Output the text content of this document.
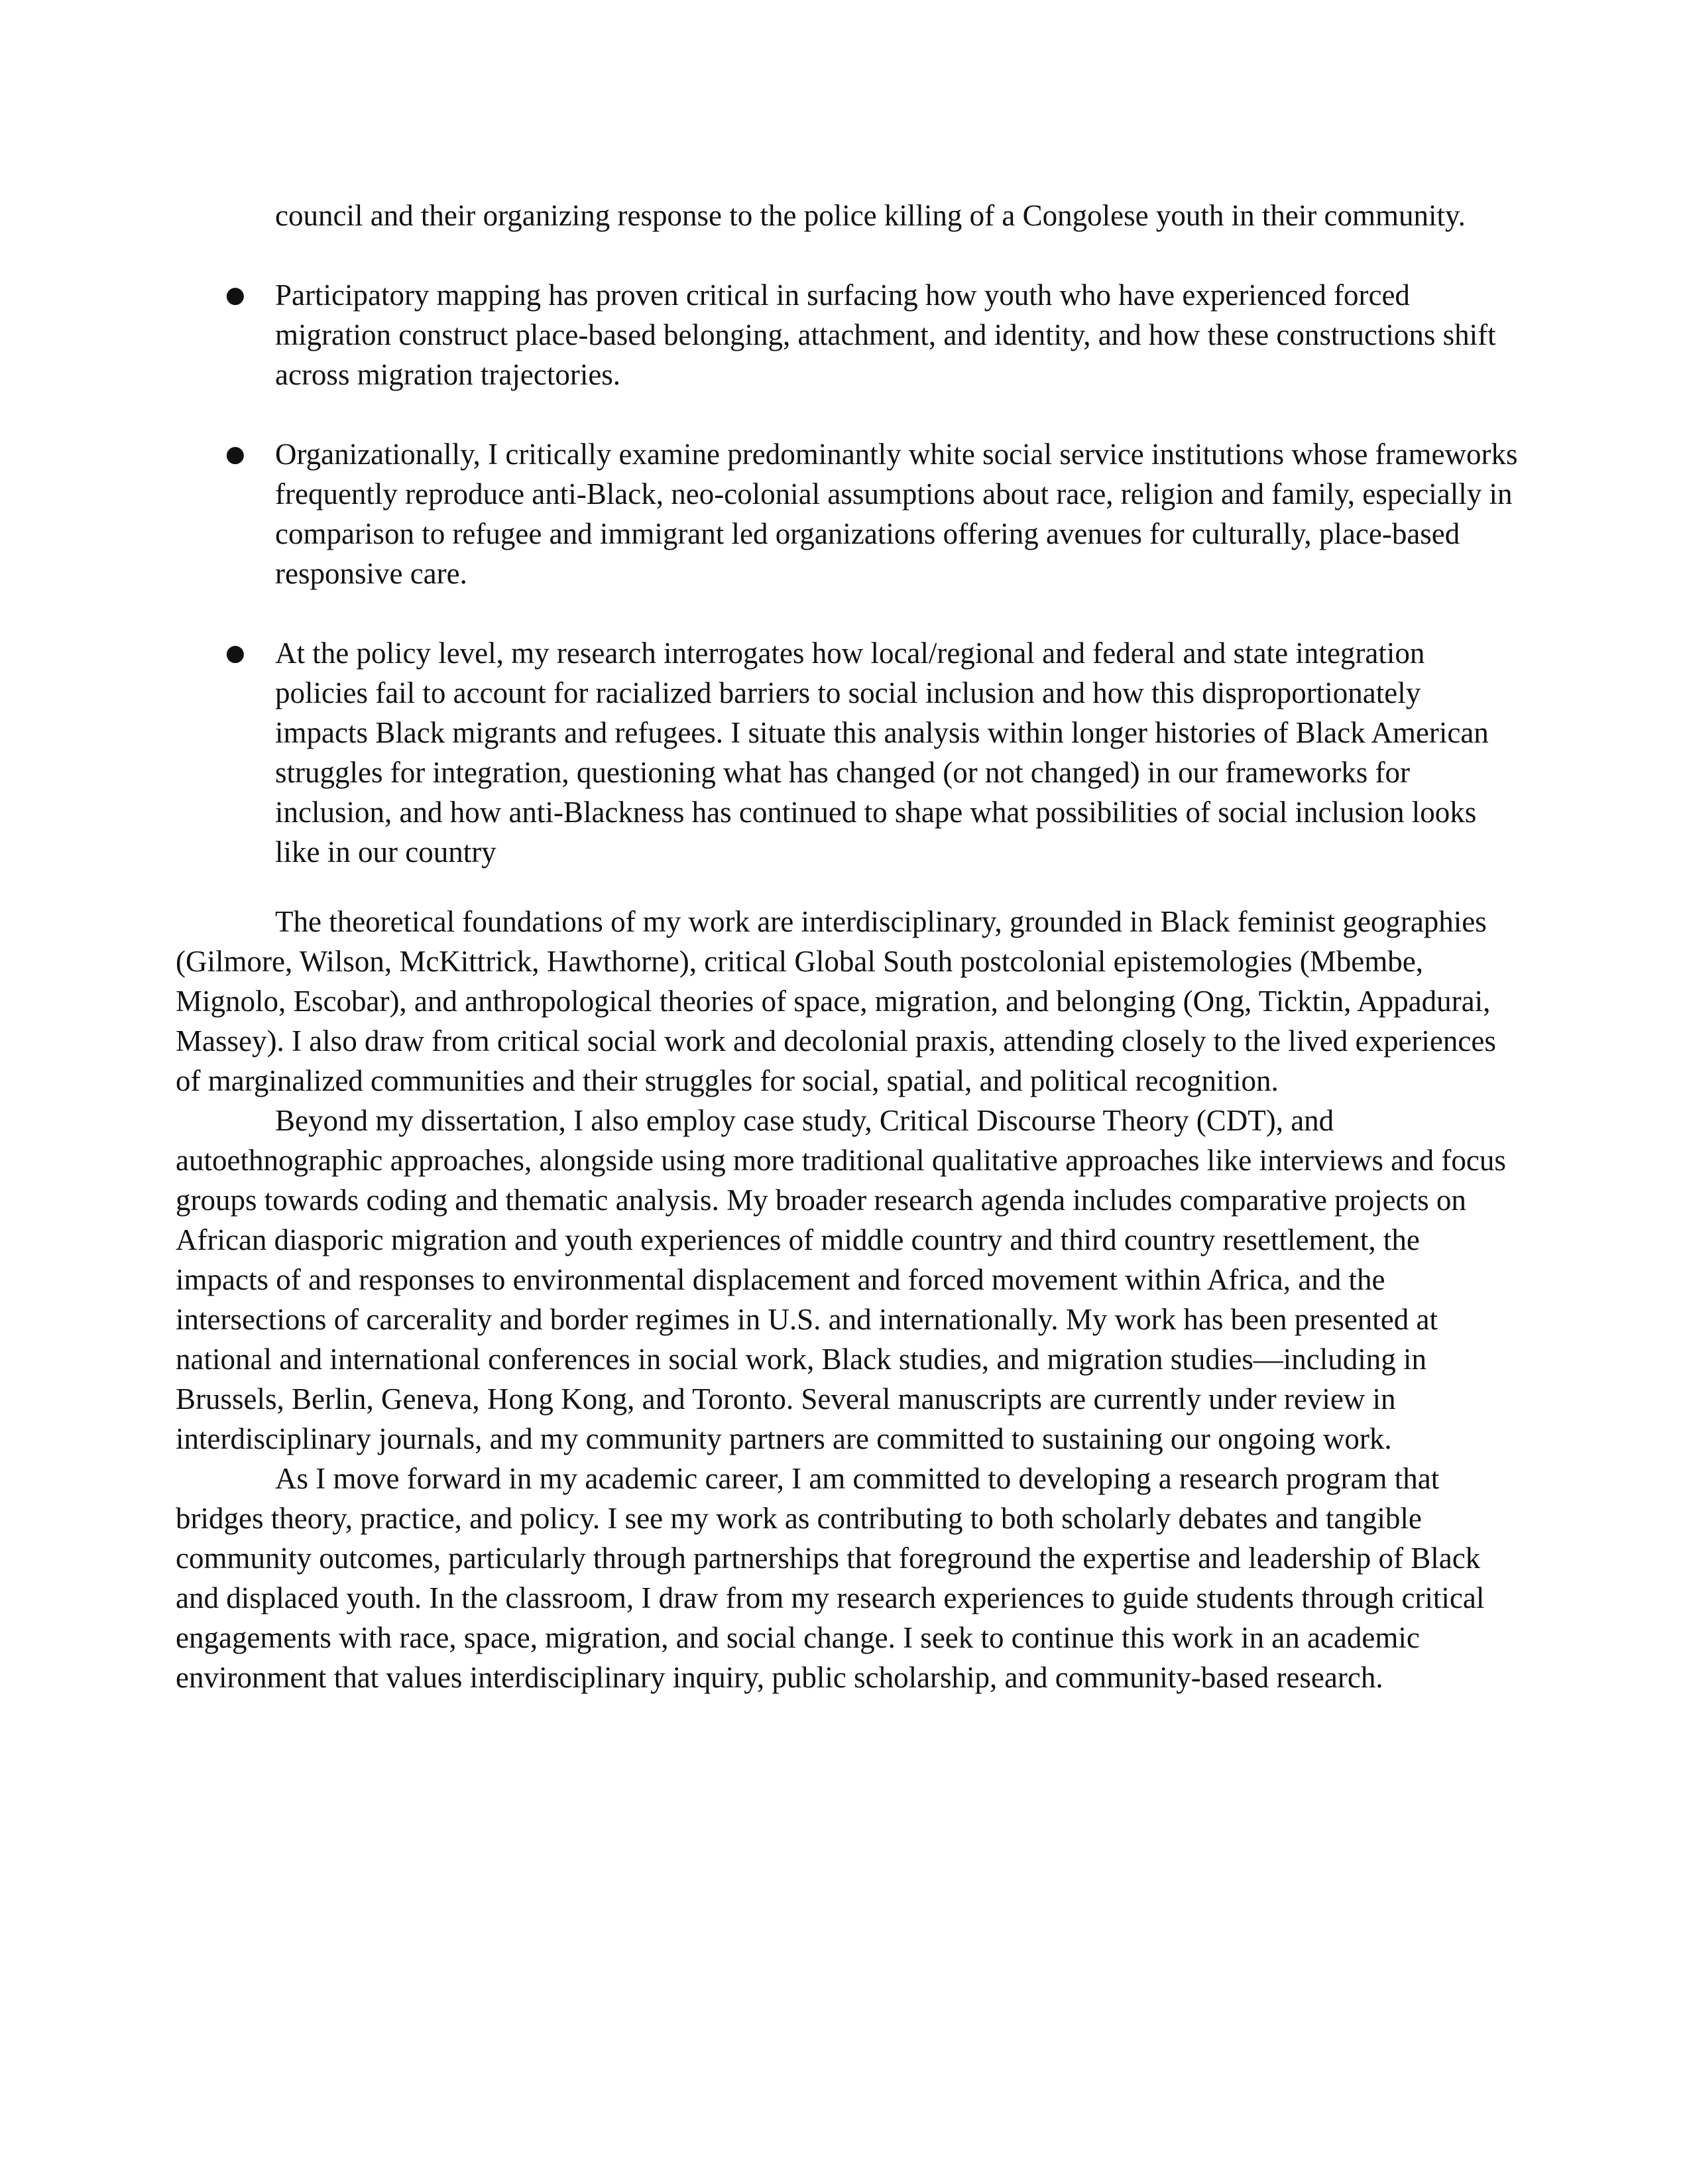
council and their organizing response to the police killing of a Congolese youth in their community.

● Participatory mapping has proven critical in surfacing how youth who have experienced forced migration construct place-based belonging, attachment, and identity, and how these constructions shift across migration trajectories.
● Organizationally, I critically examine predominantly white social service institutions whose frameworks frequently reproduce anti-Black, neo-colonial assumptions about race, religion and family, especially in comparison to refugee and immigrant led organizations offering avenues for culturally, place-based responsive care.
● At the policy level, my research interrogates how local/regional and federal and state integration policies fail to account for racialized barriers to social inclusion and how this disproportionately impacts Black migrants and refugees. I situate this analysis within longer histories of Black American struggles for integration, questioning what has changed (or not changed) in our frameworks for inclusion, and how anti-Blackness has continued to shape what possibilities of social inclusion looks like in our country

The theoretical foundations of my work are interdisciplinary, grounded in Black feminist geographies (Gilmore, Wilson, McKittrick, Hawthorne), critical Global South postcolonial epistemologies (Mbembe, Mignolo, Escobar), and anthropological theories of space, migration, and belonging (Ong, Ticktin, Appadurai, Massey). I also draw from critical social work and decolonial praxis, attending closely to the lived experiences of marginalized communities and their struggles for social, spatial, and political recognition.

Beyond my dissertation, I also employ case study, Critical Discourse Theory (CDT), and autoethnographic approaches, alongside using more traditional qualitative approaches like interviews and focus groups towards coding and thematic analysis. My broader research agenda includes comparative projects on African diasporic migration and youth experiences of middle country and third country resettlement, the impacts of and responses to environmental displacement and forced movement within Africa, and the intersections of carcerality and border regimes in U.S. and internationally. My work has been presented at national and international conferences in social work, Black studies, and migration studies—including in Brussels, Berlin, Geneva, Hong Kong, and Toronto. Several manuscripts are currently under review in interdisciplinary journals, and my community partners are committed to sustaining our ongoing work.

As I move forward in my academic career, I am committed to developing a research program that bridges theory, practice, and policy. I see my work as contributing to both scholarly debates and tangible community outcomes, particularly through partnerships that foreground the expertise and leadership of Black and displaced youth. In the classroom, I draw from my research experiences to guide students through critical engagements with race, space, migration, and social change. I seek to continue this work in an academic environment that values interdisciplinary inquiry, public scholarship, and community-based research.
